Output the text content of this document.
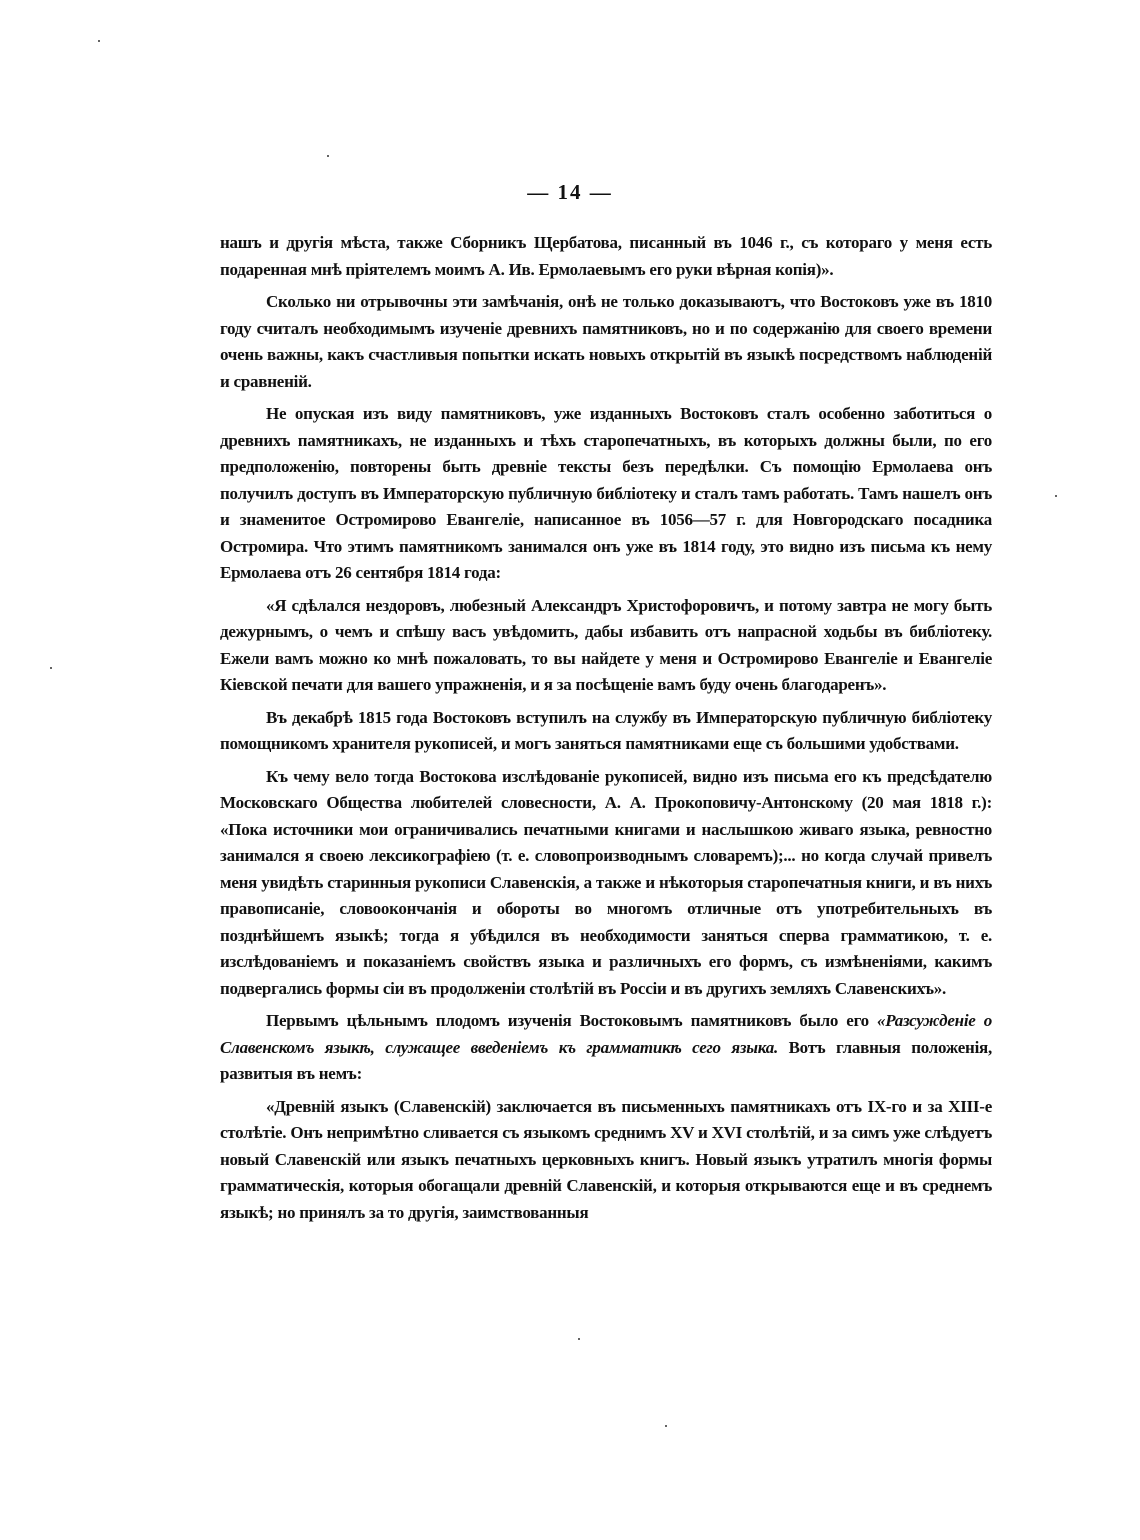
— 14 —

нашъ и другія мѣста, также Сборникъ Щербатова, писанный въ 1046 г., съ котораго у меня есть подаренная мнѣ пріятелемъ моимъ А. Ив. Ермолаевымъ его руки вѣрная копія)».

Сколько ни отрывочны эти замѣчанія, онѣ не только доказываютъ, что Востоковъ уже въ 1810 году считалъ необходимымъ изученіе древнихъ памятниковъ, но и по содержанію для своего времени очень важны, какъ счастливыя попытки искать новыхъ открытій въ языкѣ посредствомъ наблюденій и сравненій.

Не опуская изъ виду памятниковъ, уже изданныхъ Востоковъ сталъ особенно заботиться о древнихъ памятникахъ, не изданныхъ и тѣхъ старопечатныхъ, въ которыхъ должны были, по его предположенію, повторены быть древніе тексты безъ передѣлки. Съ помощію Ермолаева онъ получилъ доступъ въ Императорскую публичную библіотеку и сталъ тамъ работать. Тамъ нашелъ онъ и знаменитое Остромирово Евангеліе, написанное въ 1056—57 г. для Новгородскаго посадника Остромира. Что этимъ памятникомъ занимался онъ уже въ 1814 году, это видно изъ письма къ нему Ермолаева отъ 26 сентября 1814 года:

«Я сдѣлался нездоровъ, любезный Александръ Христофоровичъ, и потому завтра не могу быть дежурнымъ, о чемъ и спѣшу васъ увѣдомить, дабы избавить отъ напрасной ходьбы въ библіотеку. Ежели вамъ можно ко мнѣ пожаловать, то вы найдете у меня и Остромирово Евангеліе и Евангеліе Кіевской печати для вашего упражненія, и я за посѣщеніе вамъ буду очень благодаренъ».

Въ декабрѣ 1815 года Востоковъ вступилъ на службу въ Императорскую публичную библіотеку помощникомъ хранителя рукописей, и могъ заняться памятниками еще съ большими удобствами.

Къ чему вело тогда Востокова изслѣдованіе рукописей, видно изъ письма его къ предсѣдателю Московскаго Общества любителей словесности, А. А. Прокоповичу-Антонскому (20 мая 1818 г.): «Пока источники мои ограничивались печатными книгами и наслышкою живаго языка, ревностно занимался я своею лексикографіею (т. е. словопроизводнымъ словаремъ);... но когда случай привелъ меня увидѣть старинныя рукописи Славенскія, а также и нѣкоторыя старопечатныя книги, и въ нихъ правописаніе, словоокончанія и обороты во многомъ отличные отъ употребительныхъ въ позднѣйшемъ языкѣ; тогда я убѣдился въ необходимости заняться сперва грамматикою, т. е. изслѣдованіемъ и показаніемъ свойствъ языка и различныхъ его формъ, съ измѣненіями, какимъ подвергались формы сіи въ продолженіи столѣтій въ Россіи и въ другихъ земляхъ Славенскихъ».

Первымъ цѣльнымъ плодомъ изученія Востоковымъ памятниковъ было его «Разсужденіе о Славенскомъ языкѣ, служащее введеніемъ къ грамматикѣ сего языка. Вотъ главныя положенія, развитыя въ немъ:

«Древній языкъ (Славенскій) заключается въ письменныхъ памятникахъ отъ IX-го и за XIII-е столѣтіе. Онъ непримѣтно сливается съ языкомъ среднимъ XV и XVI столѣтій, и за симъ уже слѣдуетъ новый Славенскій или языкъ печатныхъ церковныхъ книгъ. Новый языкъ утратилъ многія формы грамматическія, которыя обогащали древній Славенскій, и которыя открываются еще и въ среднемъ языкѣ; но принялъ за то другія, заимствованныя
